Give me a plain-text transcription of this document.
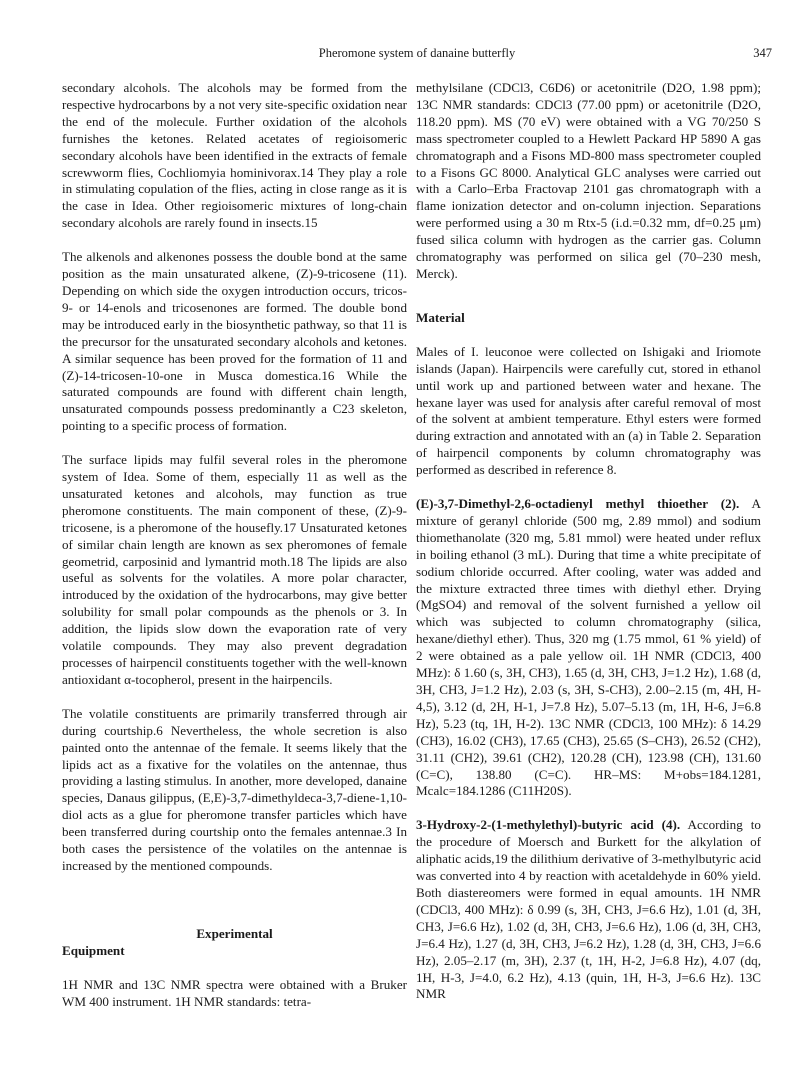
Pheromone system of danaine butterfly	347

secondary alcohols. The alcohols may be formed from the respective hydrocarbons by a not very site-specific oxidation near the end of the molecule. Further oxidation of the alcohols furnishes the ketones. Related acetates of regioisomeric secondary alcohols have been identified in the extracts of female screwworm flies, Cochliomyia hominivorax.14 They play a role in stimulating copulation of the flies, acting in close range as it is the case in Idea. Other regioisomeric mixtures of long-chain secondary alcohols are rarely found in insects.15

The alkenols and alkenones possess the double bond at the same position as the main unsaturated alkene, (Z)-9-tricosene (11). Depending on which side the oxygen introduction occurs, tricos-9- or 14-enols and tricosenones are formed. The double bond may be introduced early in the biosynthetic pathway, so that 11 is the precursor for the unsaturated secondary alcohols and ketones. A similar sequence has been proved for the formation of 11 and (Z)-14-tricosen-10-one in Musca domestica.16 While the saturated compounds are found with different chain length, unsaturated compounds possess predominantly a C23 skeleton, pointing to a specific process of formation.

The surface lipids may fulfil several roles in the pheromone system of Idea. Some of them, especially 11 as well as the unsaturated ketones and alcohols, may function as true pheromone constituents. The main component of these, (Z)-9-tricosene, is a pheromone of the housefly.17 Unsaturated ketones of similar chain length are known as sex pheromones of female geometrid, carposinid and lymantrid moth.18 The lipids are also useful as solvents for the volatiles. A more polar character, introduced by the oxidation of the hydrocarbons, may give better solubility for small polar compounds as the phenols or 3. In addition, the lipids slow down the evaporation rate of very volatile compounds. They may also prevent degradation processes of hairpencil constituents together with the well-known antioxidant α-tocopherol, present in the hairpencils.

The volatile constituents are primarily transferred through air during courtship.6 Nevertheless, the whole secretion is also painted onto the antennae of the female. It seems likely that the lipids act as a fixative for the volatiles on the antennae, thus providing a lasting stimulus. In another, more developed, danaine species, Danaus gilippus, (E,E)-3,7-dimethyldeca-3,7-diene-1,10-diol acts as a glue for pheromone transfer particles which have been transferred during courtship onto the females antennae.3 In both cases the persistence of the volatiles on the antennae is increased by the mentioned compounds.

Experimental
Equipment

1H NMR and 13C NMR spectra were obtained with a Bruker WM 400 instrument. 1H NMR standards: tetra-

methylsilane (CDCl3, C6D6) or acetonitrile (D2O, 1.98 ppm); 13C NMR standards: CDCl3 (77.00 ppm) or acetonitrile (D2O, 118.20 ppm). MS (70 eV) were obtained with a VG 70/250 S mass spectrometer coupled to a Hewlett Packard HP 5890 A gas chromatograph and a Fisons MD-800 mass spectrometer coupled to a Fisons GC 8000. Analytical GLC analyses were carried out with a Carlo–Erba Fractovap 2101 gas chromatograph with a flame ionization detector and on-column injection. Separations were performed using a 30 m Rtx-5 (i.d.=0.32 mm, df=0.25 μm) fused silica column with hydrogen as the carrier gas. Column chromatography was performed on silica gel (70–230 mesh, Merck).

Material

Males of I. leuconoe were collected on Ishigaki and Iriomote islands (Japan). Hairpencils were carefully cut, stored in ethanol until work up and partioned between water and hexane. The hexane layer was used for analysis after careful removal of most of the solvent at ambient temperature. Ethyl esters were formed during extraction and annotated with an (a) in Table 2. Separation of hairpencil components by column chromatography was performed as described in reference 8.

(E)-3,7-Dimethyl-2,6-octadienyl methyl thioether (2). A mixture of geranyl chloride (500 mg, 2.89 mmol) and sodium thiomethanolate (320 mg, 5.81 mmol) were heated under reflux in boiling ethanol (3 mL). During that time a white precipitate of sodium chloride occurred. After cooling, water was added and the mixture extracted three times with diethyl ether. Drying (MgSO4) and removal of the solvent furnished a yellow oil which was subjected to column chromatography (silica, hexane/diethyl ether). Thus, 320 mg (1.75 mmol, 61 % yield) of 2 were obtained as a pale yellow oil. 1H NMR (CDCl3, 400 MHz): δ 1.60 (s, 3H, CH3), 1.65 (d, 3H, CH3, J=1.2 Hz), 1.68 (d, 3H, CH3, J=1.2 Hz), 2.03 (s, 3H, S-CH3), 2.00–2.15 (m, 4H, H-4,5), 3.12 (d, 2H, H-1, J=7.8 Hz), 5.07–5.13 (m, 1H, H-6, J=6.8 Hz), 5.23 (tq, 1H, H-2). 13C NMR (CDCl3, 100 MHz): δ 14.29 (CH3), 16.02 (CH3), 17.65 (CH3), 25.65 (S–CH3), 26.52 (CH2), 31.11 (CH2), 39.61 (CH2), 120.28 (CH), 123.98 (CH), 131.60 (C=C), 138.80 (C=C). HR–MS: M+obs=184.1281, Mcalc=184.1286 (C11H20S).

3-Hydroxy-2-(1-methylethyl)-butyric acid (4). According to the procedure of Moersch and Burkett for the alkylation of aliphatic acids,19 the dilithium derivative of 3-methylbutyric acid was converted into 4 by reaction with acetaldehyde in 60% yield. Both diastereomers were formed in equal amounts. 1H NMR (CDCl3, 400 MHz): δ 0.99 (s, 3H, CH3, J=6.6 Hz), 1.01 (d, 3H, CH3, J=6.6 Hz), 1.02 (d, 3H, CH3, J=6.6 Hz), 1.06 (d, 3H, CH3, J=6.4 Hz), 1.27 (d, 3H, CH3, J=6.2 Hz), 1.28 (d, 3H, CH3, J=6.6 Hz), 2.05–2.17 (m, 3H), 2.37 (t, 1H, H-2, J=6.8 Hz), 4.07 (dq, 1H, H-3, J=4.0, 6.2 Hz), 4.13 (quin, 1H, H-3, J=6.6 Hz). 13C NMR
